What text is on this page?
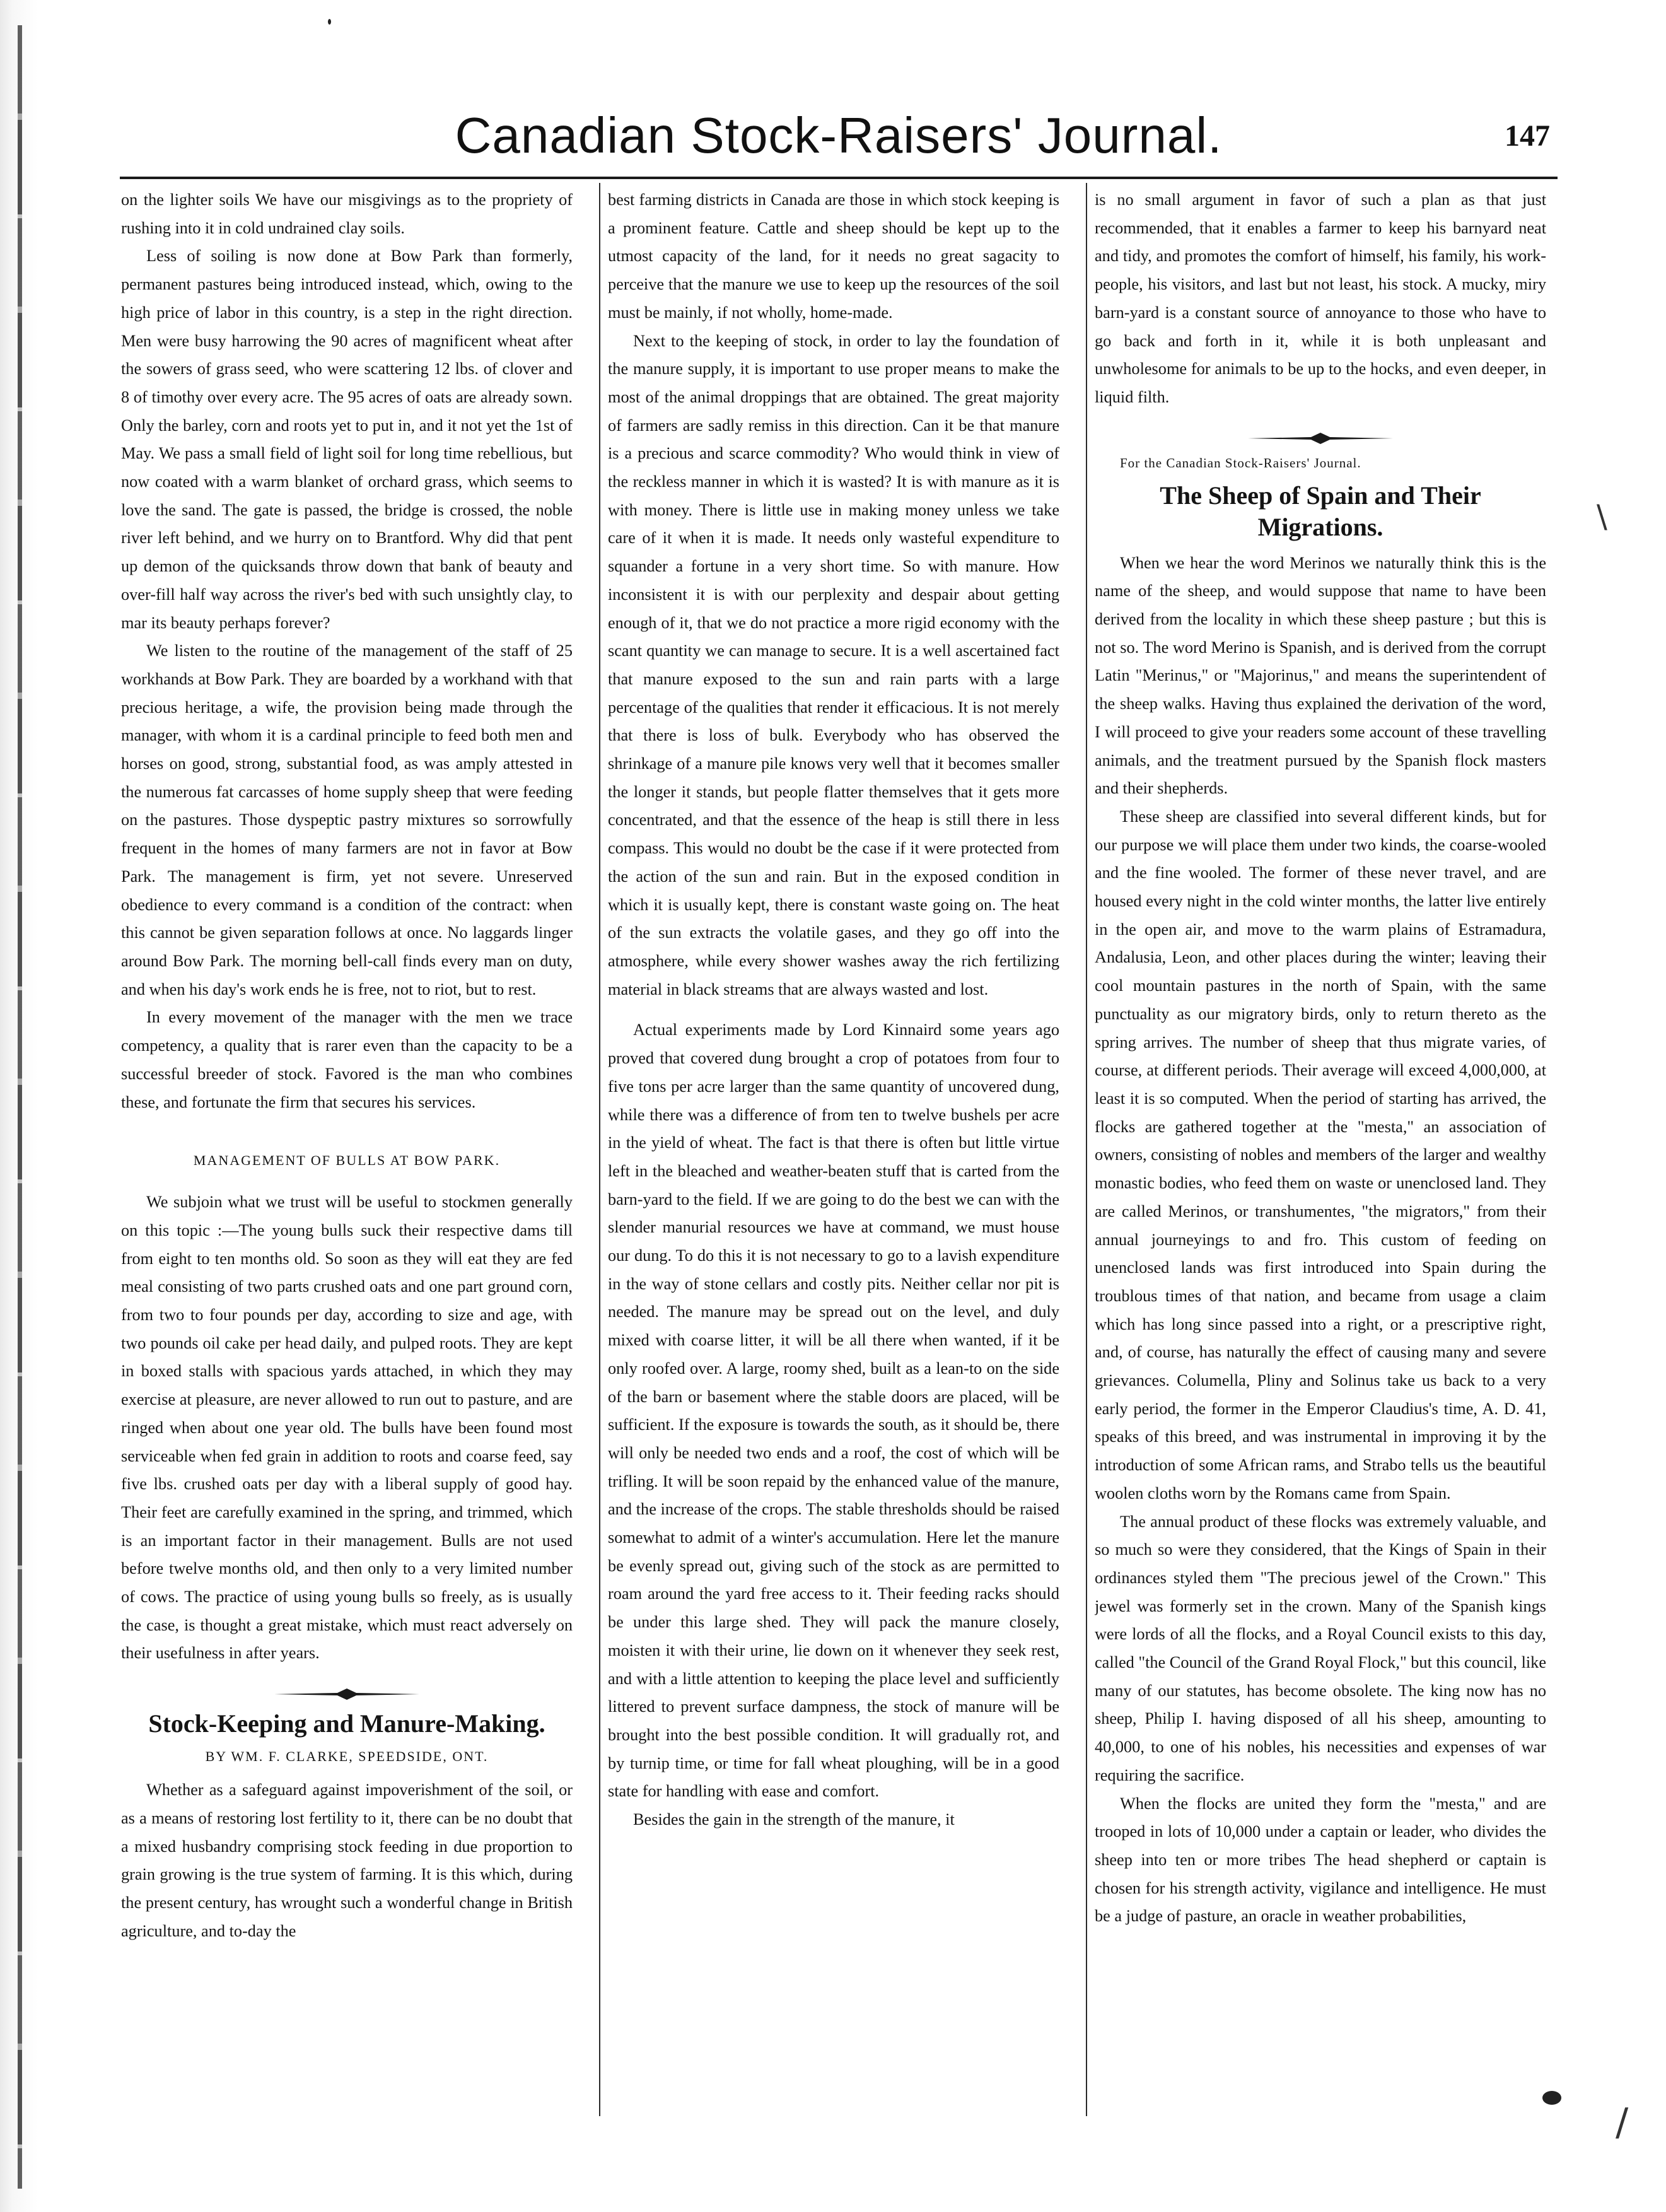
\
/
Canadian Stock-Raisers' Journal.	147

on the lighter soils We have our misgivings as to the propriety of rushing into it in cold undrained clay soils.

Less of soiling is now done at Bow Park than formerly, permanent pastures being introduced instead, which, owing to the high price of labor in this country, is a step in the right direction. Men were busy harrowing the 90 acres of magnificent wheat after the sowers of grass seed, who were scattering 12 lbs. of clover and 8 of timothy over every acre. The 95 acres of oats are already sown. Only the barley, corn and roots yet to put in, and it not yet the 1st of May. We pass a small field of light soil for long time rebellious, but now coated with a warm blanket of orchard grass, which seems to love the sand. The gate is passed, the bridge is crossed, the noble river left behind, and we hurry on to Brantford. Why did that pent up demon of the quicksands throw down that bank of beauty and over-fill half way across the river's bed with such unsightly clay, to mar its beauty perhaps forever?

We listen to the routine of the management of the staff of 25 workhands at Bow Park. They are boarded by a workhand with that precious heritage, a wife, the provision being made through the manager, with whom it is a cardinal principle to feed both men and horses on good, strong, substantial food, as was amply attested in the numerous fat carcasses of home supply sheep that were feeding on the pastures. Those dyspeptic pastry mixtures so sorrowfully frequent in the homes of many farmers are not in favor at Bow Park. The management is firm, yet not severe. Unreserved obedience to every command is a condition of the contract: when this cannot be given separation follows at once. No laggards linger around Bow Park. The morning bell-call finds every man on duty, and when his day's work ends he is free, not to riot, but to rest.

In every movement of the manager with the men we trace competency, a quality that is rarer even than the capacity to be a successful breeder of stock. Favored is the man who combines these, and fortunate the firm that secures his services.

MANAGEMENT OF BULLS AT BOW PARK.

We subjoin what we trust will be useful to stockmen generally on this topic :—The young bulls suck their respective dams till from eight to ten months old. So soon as they will eat they are fed meal consisting of two parts crushed oats and one part ground corn, from two to four pounds per day, according to size and age, with two pounds oil cake per head daily, and pulped roots. They are kept in boxed stalls with spacious yards attached, in which they may exercise at pleasure, are never allowed to run out to pasture, and are ringed when about one year old. The bulls have been found most serviceable when fed grain in addition to roots and coarse feed, say five lbs. crushed oats per day with a liberal supply of good hay. Their feet are carefully examined in the spring, and trimmed, which is an important factor in their management. Bulls are not used before twelve months old, and then only to a very limited number of cows. The practice of using young bulls so freely, as is usually the case, is thought a great mistake, which must react adversely on their usefulness in after years.

Stock-Keeping and Manure-Making.
BY WM. F. CLARKE, SPEEDSIDE, ONT.

Whether as a safeguard against impoverishment of the soil, or as a means of restoring lost fertility to it, there can be no doubt that a mixed husbandry comprising stock feeding in due proportion to grain growing is the true system of farming. It is this which, during the present century, has wrought such a wonderful change in British agriculture, and to-day the

best farming districts in Canada are those in which stock keeping is a prominent feature. Cattle and sheep should be kept up to the utmost capacity of the land, for it needs no great sagacity to perceive that the manure we use to keep up the resources of the soil must be mainly, if not wholly, home-made.

Next to the keeping of stock, in order to lay the foundation of the manure supply, it is important to use proper means to make the most of the animal droppings that are obtained. The great majority of farmers are sadly remiss in this direction. Can it be that manure is a precious and scarce commodity? Who would think in view of the reckless manner in which it is wasted? It is with manure as it is with money. There is little use in making money unless we take care of it when it is made. It needs only wasteful expenditure to squander a fortune in a very short time. So with manure. How inconsistent it is with our perplexity and despair about getting enough of it, that we do not practice a more rigid economy with the scant quantity we can manage to secure. It is a well ascertained fact that manure exposed to the sun and rain parts with a large percentage of the qualities that render it efficacious. It is not merely that there is loss of bulk. Everybody who has observed the shrinkage of a manure pile knows very well that it becomes smaller the longer it stands, but people flatter themselves that it gets more concentrated, and that the essence of the heap is still there in less compass. This would no doubt be the case if it were protected from the action of the sun and rain. But in the exposed condition in which it is usually kept, there is constant waste going on. The heat of the sun extracts the volatile gases, and they go off into the atmosphere, while every shower washes away the rich fertilizing material in black streams that are always wasted and lost.

Actual experiments made by Lord Kinnaird some years ago proved that covered dung brought a crop of potatoes from four to five tons per acre larger than the same quantity of uncovered dung, while there was a difference of from ten to twelve bushels per acre in the yield of wheat. The fact is that there is often but little virtue left in the bleached and weather-beaten stuff that is carted from the barn-yard to the field. If we are going to do the best we can with the slender manurial resources we have at command, we must house our dung. To do this it is not necessary to go to a lavish expenditure in the way of stone cellars and costly pits. Neither cellar nor pit is needed. The manure may be spread out on the level, and duly mixed with coarse litter, it will be all there when wanted, if it be only roofed over. A large, roomy shed, built as a lean-to on the side of the barn or basement where the stable doors are placed, will be sufficient. If the exposure is towards the south, as it should be, there will only be needed two ends and a roof, the cost of which will be trifling. It will be soon repaid by the enhanced value of the manure, and the increase of the crops. The stable thresholds should be raised somewhat to admit of a winter's accumulation. Here let the manure be evenly spread out, giving such of the stock as are permitted to roam around the yard free access to it. Their feeding racks should be under this large shed. They will pack the manure closely, moisten it with their urine, lie down on it whenever they seek rest, and with a little attention to keeping the place level and sufficiently littered to prevent surface dampness, the stock of manure will be brought into the best possible condition. It will gradually rot, and by turnip time, or time for fall wheat ploughing, will be in a good state for handling with ease and comfort.

Besides the gain in the strength of the manure, it

is no small argument in favor of such a plan as that just recommended, that it enables a farmer to keep his barnyard neat and tidy, and promotes the comfort of himself, his family, his work-people, his visitors, and last but not least, his stock. A mucky, miry barn-yard is a constant source of annoyance to those who have to go back and forth in it, while it is both unpleasant and unwholesome for animals to be up to the hocks, and even deeper, in liquid filth.

For the Canadian Stock-Raisers' Journal.

The Sheep of Spain and Their Migrations.

When we hear the word Merinos we naturally think this is the name of the sheep, and would suppose that name to have been derived from the locality in which these sheep pasture ; but this is not so. The word Merino is Spanish, and is derived from the corrupt Latin "Merinus," or "Majorinus," and means the superintendent of the sheep walks. Having thus explained the derivation of the word, I will proceed to give your readers some account of these travelling animals, and the treatment pursued by the Spanish flock masters and their shepherds.

These sheep are classified into several different kinds, but for our purpose we will place them under two kinds, the coarse-wooled and the fine wooled. The former of these never travel, and are housed every night in the cold winter months, the latter live entirely in the open air, and move to the warm plains of Estramadura, Andalusia, Leon, and other places during the winter; leaving their cool mountain pastures in the north of Spain, with the same punctuality as our migratory birds, only to return thereto as the spring arrives. The number of sheep that thus migrate varies, of course, at different periods. Their average will exceed 4,000,000, at least it is so computed. When the period of starting has arrived, the flocks are gathered together at the "mesta," an association of owners, consisting of nobles and members of the larger and wealthy monastic bodies, who feed them on waste or unenclosed land. They are called Merinos, or transhumentes, "the migrators," from their annual journeyings to and fro. This custom of feeding on unenclosed lands was first introduced into Spain during the troublous times of that nation, and became from usage a claim which has long since passed into a right, or a prescriptive right, and, of course, has naturally the effect of causing many and severe grievances. Columella, Pliny and Solinus take us back to a very early period, the former in the Emperor Claudius's time, A. D. 41, speaks of this breed, and was instrumental in improving it by the introduction of some African rams, and Strabo tells us the beautiful woolen cloths worn by the Romans came from Spain.

The annual product of these flocks was extremely valuable, and so much so were they considered, that the Kings of Spain in their ordinances styled them "The precious jewel of the Crown." This jewel was formerly set in the crown. Many of the Spanish kings were lords of all the flocks, and a Royal Council exists to this day, called "the Council of the Grand Royal Flock," but this council, like many of our statutes, has become obsolete. The king now has no sheep, Philip I. having disposed of all his sheep, amounting to 40,000, to one of his nobles, his necessities and expenses of war requiring the sacrifice.

When the flocks are united they form the "mesta," and are trooped in lots of 10,000 under a captain or leader, who divides the sheep into ten or more tribes The head shepherd or captain is chosen for his strength activity, vigilance and intelligence. He must be a judge of pasture, an oracle in weather probabilities,
